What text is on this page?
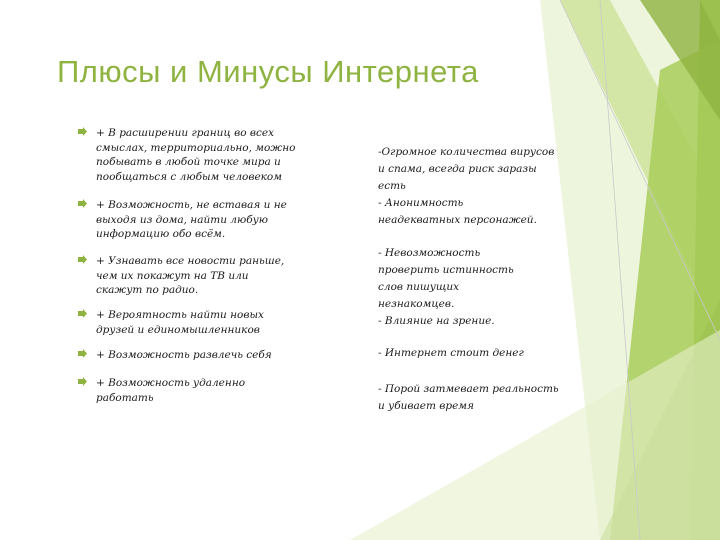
Плюсы и Минусы Интернета
+ В расширении границ во всех смыслах, территориально, можно побывать в любой точке мира и пообщаться с любым человеком
+ Возможность, не вставая и не выходя из дома, найти любую информацию обо всём.
+ Узнавать все новости раньше, чем их покажут на ТВ или скажут по радио.
+ Вероятность найти новых друзей и единомышленников
+ Возможность развлечь себя
+ Возможность удаленно работать
-Огромное количества вирусов и спама, всегда риск заразы есть
- Анонимность неадекватных персонажей.
- Невозможность проверить истинность слов пишущих незнакомцев.
- Влияние на зрение.
- Интернет стоит денег
- Порой затмевает реальность и убивает время
